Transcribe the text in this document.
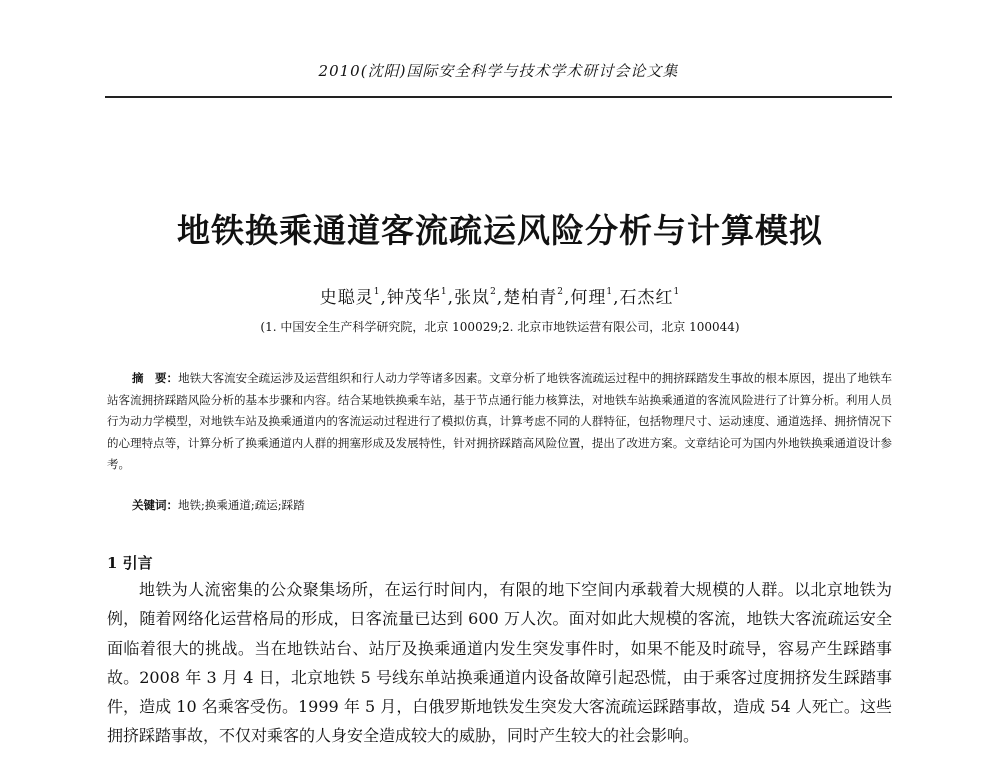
2010(沈阳)国际安全科学与技术学术研讨会论文集
地铁换乘通道客流疏运风险分析与计算模拟
史聪灵$^1$,钟茂华$^1$,张岚$^2$,楚柏青$^2$,何理$^1$,石杰红$^1$
(1. 中国安全生产科学研究院，北京 100029;2. 北京市地铁运营有限公司，北京 100044)
摘　要：地铁大客流安全疏运涉及运营组织和行人动力学等诸多因素。文章分析了地铁客流疏运过程中的拥挤踩踏发生事故的根本原因，提出了地铁车站客流拥挤踩踏风险分析的基本步骤和内容。结合某地铁换乘车站，基于节点通行能力核算法，对地铁车站换乘通道的客流风险进行了计算分析。利用人员行为动力学模型，对地铁车站及换乘通道内的客流运动过程进行了模拟仿真，计算考虑不同的人群特征，包括物理尺寸、运动速度、通道选择、拥挤情况下的心理特点等，计算分析了换乘通道内人群的拥塞形成及发展特性，针对拥挤踩踏高风险位置，提出了改进方案。文章结论可为国内外地铁换乘通道设计参考。
关键词：地铁;换乘通道;疏运;踩踏
1 引言
地铁为人流密集的公众聚集场所，在运行时间内，有限的地下空间内承载着大规模的人群。以北京地铁为例，随着网络化运营格局的形成，日客流量已达到 600 万人次。面对如此大规模的客流，地铁大客流疏运安全面临着很大的挑战。当在地铁站台、站厅及换乘通道内发生突发事件时，如果不能及时疏导，容易产生踩踏事故。2008 年 3 月 4 日，北京地铁 5 号线东单站换乘通道内设备故障引起恐慌，由于乘客过度拥挤发生踩踏事件，造成 10 名乘客受伤。1999 年 5 月，白俄罗斯地铁发生突发大客流疏运踩踏事故，造成 54 人死亡。这些拥挤踩踏事故，不仅对乘客的人身安全造成较大的威胁，同时产生较大的社会影响。
